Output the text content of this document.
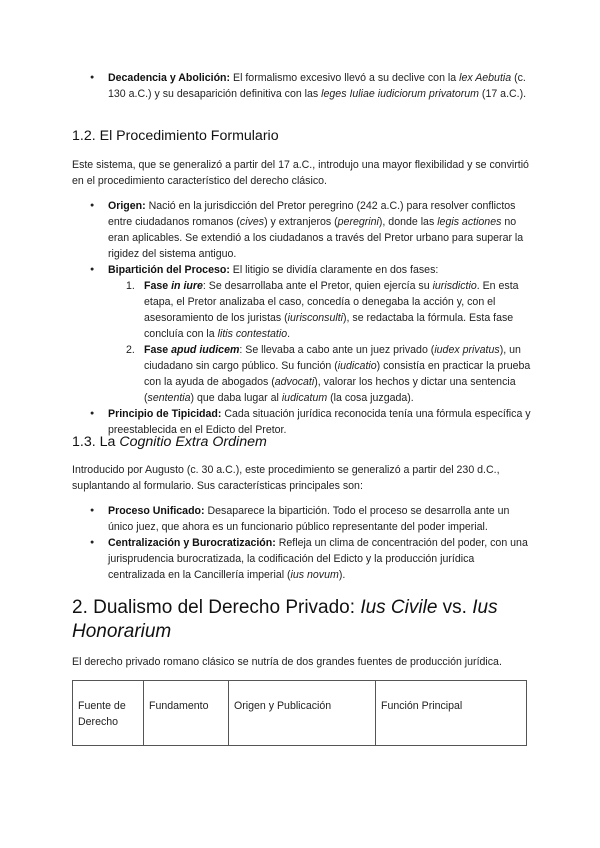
● Decadencia y Abolición: El formalismo excesivo llevó a su declive con la lex Aebutia (c. 130 a.C.) y su desaparición definitiva con las leges Iuliae iudiciorum privatorum (17 a.C.).
1.2. El Procedimiento Formulario

Este sistema, que se generalizó a partir del 17 a.C., introdujo una mayor flexibilidad y se convirtió en el procedimiento característico del derecho clásico.

● Origen: Nació en la jurisdicción del Pretor peregrino (242 a.C.) para resolver conflictos entre ciudadanos romanos (cives) y extranjeros (peregrini), donde las legis actiones no eran aplicables. Se extendió a los ciudadanos a través del Pretor urbano para superar la rigidez del sistema antiguo.
● Bipartición del Proceso: El litigio se dividía claramente en dos fases:
1. Fase in iure: Se desarrollaba ante el Pretor, quien ejercía su iurisdictio. En esta etapa, el Pretor analizaba el caso, concedía o denegaba la acción y, con el asesoramiento de los juristas (iurisconsulti), se redactaba la fórmula. Esta fase concluía con la litis contestatio.
2. Fase apud iudicem: Se llevaba a cabo ante un juez privado (iudex privatus), un ciudadano sin cargo público. Su función (iudicatio) consistía en practicar la prueba con la ayuda de abogados (advocati), valorar los hechos y dictar una sentencia (sententia) que daba lugar al iudicatum (la cosa juzgada).
● Principio de Tipicidad: Cada situación jurídica reconocida tenía una fórmula específica y preestablecida en el Edicto del Pretor.
1.3. La Cognitio Extra Ordinem

Introducido por Augusto (c. 30 a.C.), este procedimiento se generalizó a partir del 230 d.C., suplantando al formulario. Sus características principales son:

● Proceso Unificado: Desaparece la bipartición. Todo el proceso se desarrolla ante un único juez, que ahora es un funcionario público representante del poder imperial.
● Centralización y Burocratización: Refleja un clima de concentración del poder, con una jurisprudencia burocratizada, la codificación del Edicto y la producción jurídica centralizada en la Cancillería imperial (ius novum).
2. Dualismo del Derecho Privado: Ius Civile vs. Ius Honorarium

El derecho privado romano clásico se nutría de dos grandes fuentes de producción jurídica.

Fuente de Derecho	Fundamento	Origen y Publicación	Función Principal
